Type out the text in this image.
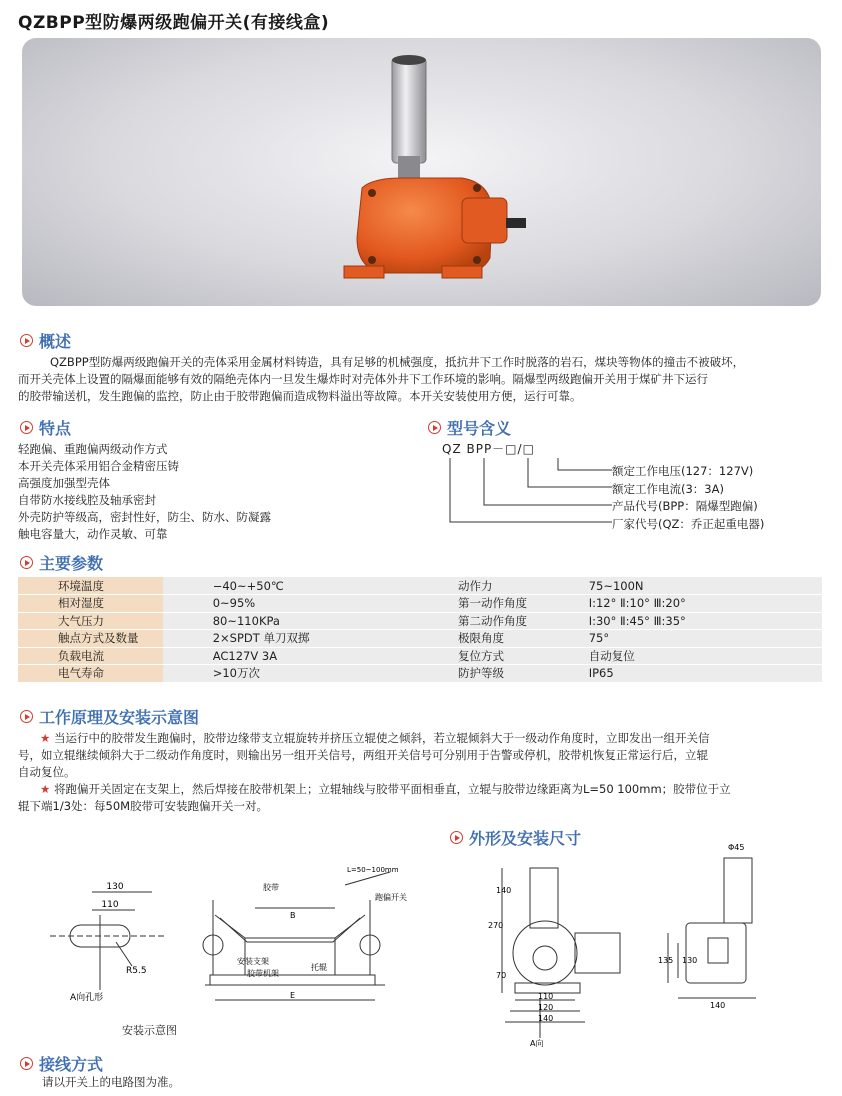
QZBPP型防爆两级跑偏开关(有接线盒)
概述
QZBPP型防爆两级跑偏开关的壳体采用金属材料铸造，具有足够的机械强度，抵抗井下工作时脱落的岩石，煤块等物体的撞击不被破坏，
而开关壳体上设置的隔爆面能够有效的隔绝壳体内一旦发生爆炸时对壳体外井下工作环境的影响。隔爆型两级跑偏开关用于煤矿井下运行
的胶带输送机，发生跑偏的监控，防止由于胶带跑偏而造成物料溢出等故障。本开关安装使用方便，运行可靠。
特点
轻跑偏、重跑偏两级动作方式
本开关壳体采用铝合金精密压铸
高强度加强型壳体
自带防水接线腔及轴承密封
外壳防护等级高，密封性好，防尘、防水、防凝露
触电容量大，动作灵敏、可靠
型号含义
QZ BPP－□/□
额定工作电压(127：127V)
额定工作电流(3：3A)
产品代号(BPP：隔爆型跑偏)
厂家代号(QZ：乔正起重电器)
主要参数
环境温度	−40~+50℃	动作力	75~100N
相对湿度	0~95%	第一动作角度	Ⅰ:12° Ⅱ:10° Ⅲ:20°
大气压力	80~110KPa	第二动作角度	Ⅰ:30° Ⅱ:45° Ⅲ:35°
触点方式及数量	2×SPDT 单刀双掷	极限角度	75°
负载电流	AC127V 3A	复位方式	自动复位
电气寿命	>10万次	防护等级	IP65
工作原理及安装示意图
★ 当运行中的胶带发生跑偏时，胶带边缘带支立辊旋转并挤压立辊使之倾斜，若立辊倾斜大于一级动作角度时，立即发出一组开关信
号，如立辊继续倾斜大于二级动作角度时，则输出另一组开关信号，两组开关信号可分别用于告警或停机，胶带机恢复正常运行后，立辊
自动复位。
★ 将跑偏开关固定在支架上，然后焊接在胶带机架上；立辊轴线与胶带平面相垂直，立辊与胶带边缘距离为L=50 100mm；胶带位于立
辊下端1/3处：每50M胶带可安装跑偏开关一对。
外形及安装尺寸
130
110
R5.5
A向孔形
胶带
L=50~100mm
跑偏开关
B
安装支架
胶带机架
托辊
E
安装示意图
140
270
70
110
120
140
A向
Φ45
135 130
140
接线方式
请以开关上的电路图为准。
